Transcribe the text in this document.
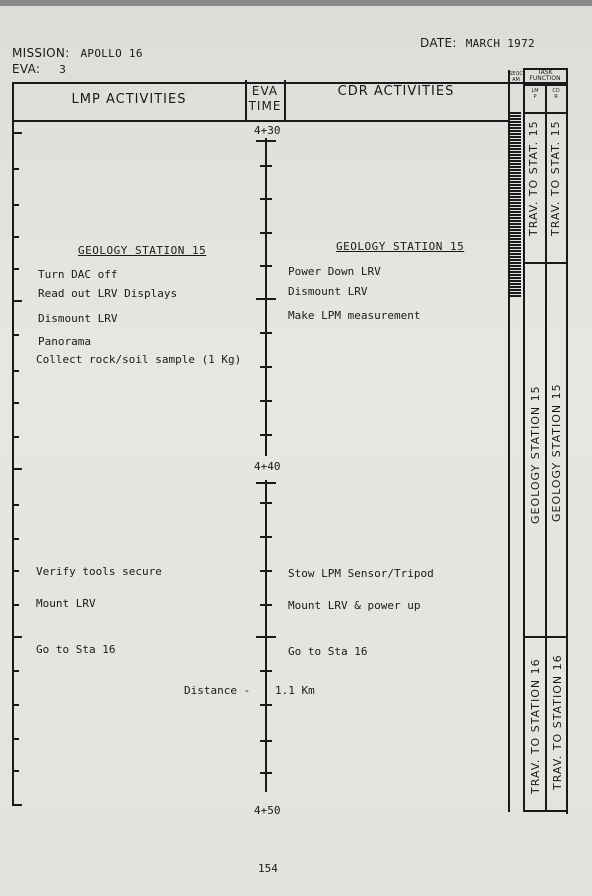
MISSION: APOLLO 16
EVA: 3
DATE: MARCH 1972
LMP ACTIVITIES
EVA
TIME
CDR ACTIVITIES
SEQCAM
TASK
FUNCTION
LMP
CDR
4+30
4+40
4+50
GEOLOGY STATION 15
Turn DAC off
Read out LRV Displays
Dismount LRV
Panorama
Collect rock/soil sample (1 Kg)
Verify tools secure
Mount LRV
Go to Sta 16
Distance -
GEOLOGY STATION 15
Power Down LRV
Dismount LRV
Make LPM measurement
Stow LPM Sensor/Tripod
Mount LRV & power up
Go to Sta 16
1.1 Km
TRAV. TO STAT. 15 TRAV. TO STAT. 15
GEOLOGY STATION 15 GEOLOGY STATION 15
TRAV. TO STATION 16 TRAV. TO STATION 16
154
